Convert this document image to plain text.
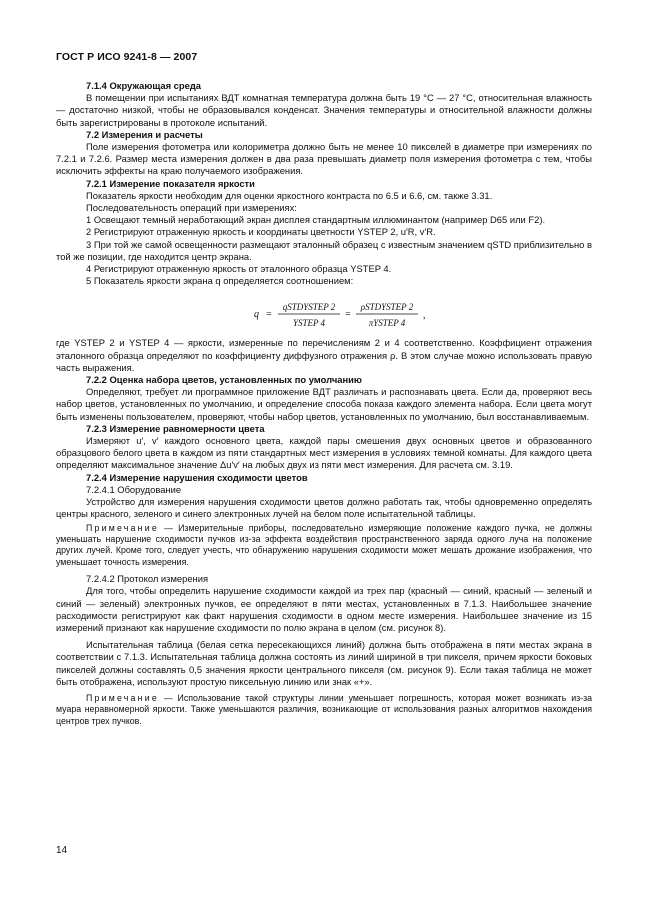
ГОСТ Р ИСО 9241-8 — 2007

7.1.4 Окружающая среда

В помещении при испытаниях ВДТ комнатная температура должна быть 19 °С — 27 °С, относительная влажность — достаточно низкой, чтобы не образовывался конденсат. Значения температуры и относительной влажности должны быть зарегистрированы в протоколе испытаний.

7.2 Измерения и расчеты

Поле измерения фотометра или колориметра должно быть не менее 10 пикселей в диаметре при измерениях по 7.2.1 и 7.2.6. Размер места измерения должен в два раза превышать диаметр поля измерения фотометра с тем, чтобы исключить эффекты на краю получаемого изображения.

7.2.1 Измерение показателя яркости

Показатель яркости необходим для оценки яркостного контраста по 6.5 и 6.6, см. также 3.31.

Последовательность операций при измерениях:

1 Освещают темный неработающий экран дисплея стандартным иллюминантом (например D65 или F2).

2 Регистрируют отраженную яркость и координаты цветности YSTEP 2, u′R, v′R.

3 При той же самой освещенности размещают эталонный образец с известным значением qSTD приблизительно в той же позиции, где находится центр экрана.

4 Регистрируют отраженную яркость от эталонного образца YSTEP 4.

5 Показатель яркости экрана q определяется соотношением:

q =
qSTDYSTEP 2
YSTEP 4
=
ρSTDYSTEP 2
πYSTEP 4
,

где YSTEP 2 и YSTEP 4 — яркости, измеренные по перечислениям 2 и 4 соответственно. Коэффициент отражения эталонного образца определяют по коэффициенту диффузного отражения ρ. В этом случае можно использовать правую часть выражения.

7.2.2 Оценка набора цветов, установленных по умолчанию

Определяют, требует ли программное приложение ВДТ различать и распознавать цвета. Если да, проверяют весь набор цветов, установленных по умолчанию, и определение способа показа каждого элемента набора. Если цвета могут быть изменены пользователем, проверяют, чтобы набор цветов, установленных по умолчанию, был восстанавливаемым.

7.2.3 Измерение равномерности цвета

Измеряют u′, v′ каждого основного цвета, каждой пары смешения двух основных цветов и образованного образцового белого цвета в каждом из пяти стандартных мест измерения в условиях темной комнаты. Для каждого цвета определяют максимальное значение Δu′v′ на любых двух из пяти мест измерения. Для расчета см. 3.19.

7.2.4 Измерение нарушения сходимости цветов

7.2.4.1 Оборудование

Устройство для измерения нарушения сходимости цветов должно работать так, чтобы одновременно определять центры красного, зеленого и синего электронных лучей на белом поле испытательной таблицы.

Примечание — Измерительные приборы, последовательно измеряющие положение каждого пучка, не должны уменьшать нарушение сходимости пучков из-за эффекта воздействия пространственного заряда одного луча на положение других лучей. Кроме того, следует учесть, что обнаружению нарушения сходимости может мешать дрожание изображения, что уменьшает точность измерения.

7.2.4.2 Протокол измерения

Для того, чтобы определить нарушение сходимости каждой из трех пар (красный — синий, красный — зеленый и синий — зеленый) электронных пучков, ее определяют в пяти местах, установленных в 7.1.3. Наибольшее значение расходимости регистрируют как факт нарушения сходимости в одном месте измерения. Наибольшее значение из 15 измерений признают как нарушение сходимости по полю экрана в целом (см. рисунок 8).

Испытательная таблица (белая сетка пересекающихся линий) должна быть отображена в пяти местах экрана в соответствии с 7.1.3. Испытательная таблица должна состоять из линий шириной в три пикселя, причем яркости боковых пикселей должны составлять 0,5 значения яркости центрального пикселя (см. рисунок 9). Если такая таблица не может быть отображена, используют простую пиксельную линию или знак «+».

Примечание — Использование такой структуры линии уменьшает погрешность, которая может возникать из-за муара неравномерной яркости. Также уменьшаются различия, возникающие от использования разных алгоритмов нахождения центров трех пучков.

14
